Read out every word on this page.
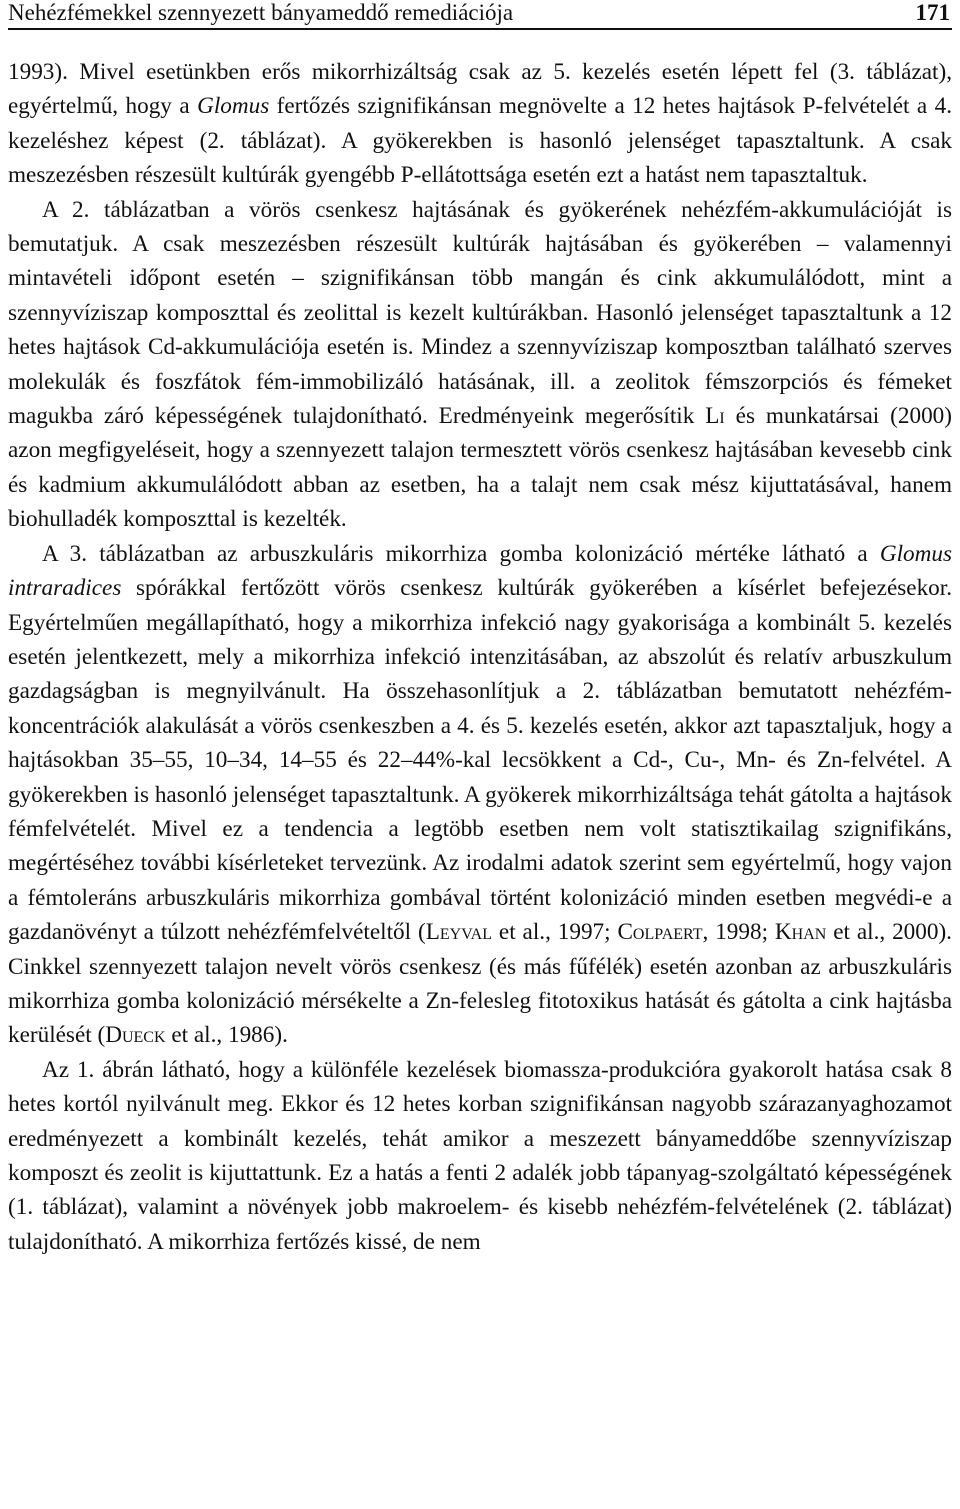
Nehézfémekkel szennyezett bányameddő remediációja	171

1993). Mivel esetünkben erős mikorrhizáltság csak az 5. kezelés esetén lépett fel (3. táblázat), egyértelmű, hogy a Glomus fertőzés szignifikánsan megnövelte a 12 hetes hajtások P-felvételét a 4. kezeléshez képest (2. táblázat). A gyökerekben is hasonló jelenséget tapasztaltunk. A csak meszezésben részesült kultúrák gyengébb P-ellátottsága esetén ezt a hatást nem tapasztaltuk.

A 2. táblázatban a vörös csenkesz hajtásának és gyökerének nehézfém-akkumulációját is bemutatjuk. A csak meszezésben részesült kultúrák hajtásában és gyökerében – valamennyi mintavételi időpont esetén – szignifikánsan több mangán és cink akkumulálódott, mint a szennyvíziszap komposzttal és zeolittal is kezelt kultúrákban. Hasonló jelenséget tapasztaltunk a 12 hetes hajtások Cd-akkumulációja esetén is. Mindez a szennyvíziszap komposztban található szerves molekulák és foszfátok fém-immobilizáló hatásának, ill. a zeolitok fémszorpciós és fémeket magukba záró képességének tulajdonítható. Eredményeink megerősítik Li és munkatársai (2000) azon megfigyeléseit, hogy a szennyezett talajon termesztett vörös csenkesz hajtásában kevesebb cink és kadmium akkumulálódott abban az esetben, ha a talajt nem csak mész kijuttatásával, hanem biohulladék komposzttal is kezelték.

A 3. táblázatban az arbuszkuláris mikorrhiza gomba kolonizáció mértéke látható a Glomus intraradices spórákkal fertőzött vörös csenkesz kultúrák gyökerében a kísérlet befejezésekor. Egyértelműen megállapítható, hogy a mikorrhiza infekció nagy gyakorisága a kombinált 5. kezelés esetén jelentkezett, mely a mikorrhiza infekció intenzitásában, az abszolút és relatív arbuszkulum gazdagságban is megnyilvánult. Ha összehasonlítjuk a 2. táblázatban bemutatott nehézfém-koncentrációk alakulását a vörös csenkeszben a 4. és 5. kezelés esetén, akkor azt tapasztaljuk, hogy a hajtásokban 35–55, 10–34, 14–55 és 22–44%-kal lecsökkent a Cd-, Cu-, Mn- és Zn-felvétel. A gyökerekben is hasonló jelenséget tapasztaltunk. A gyökerek mikorrhizáltsága tehát gátolta a hajtások fémfelvételét. Mivel ez a tendencia a legtöbb esetben nem volt statisztikailag szignifikáns, megértéséhez további kísérleteket tervezünk. Az irodalmi adatok szerint sem egyértelmű, hogy vajon a fémtoleráns arbuszkuláris mikorrhiza gombával történt kolonizáció minden esetben megvédi-e a gazdanövényt a túlzott nehézfémfelvételtől (Leyval et al., 1997; Colpaert, 1998; Khan et al., 2000). Cinkkel szennyezett talajon nevelt vörös csenkesz (és más fűfélék) esetén azonban az arbuszkuláris mikorrhiza gomba kolonizáció mérsékelte a Zn-felesleg fitotoxikus hatását és gátolta a cink hajtásba kerülését (Dueck et al., 1986).

Az 1. ábrán látható, hogy a különféle kezelések biomassza-produkcióra gyakorolt hatása csak 8 hetes kortól nyilvánult meg. Ekkor és 12 hetes korban szignifikánsan nagyobb szárazanyaghozamot eredményezett a kombinált kezelés, tehát amikor a meszezett bányameddőbe szennyvíziszap komposzt és zeolit is kijuttattunk. Ez a hatás a fenti 2 adalék jobb tápanyag-szolgáltató képességének (1. táblázat), valamint a növények jobb makroelem- és kisebb nehézfém-felvételének (2. táblázat) tulajdonítható. A mikorrhiza fertőzés kissé, de nem
